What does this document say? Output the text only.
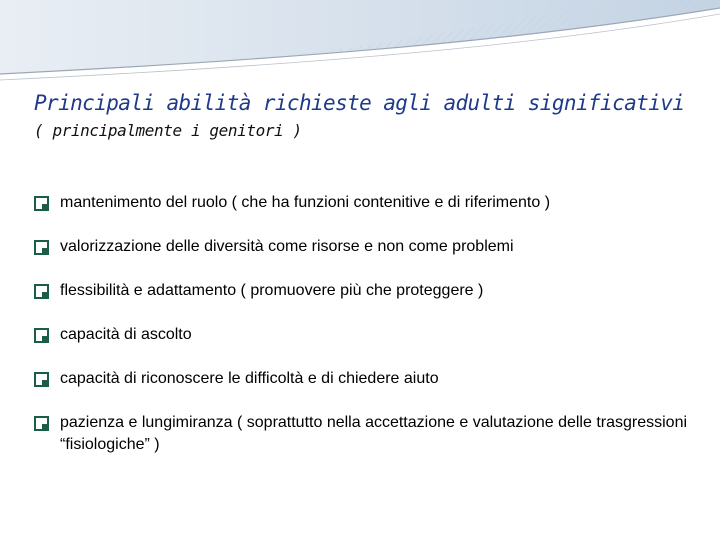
Principali abilità richieste agli adulti significativi
( principalmente i genitori )
mantenimento del ruolo ( che ha funzioni contenitive e di riferimento )
valorizzazione delle diversità come risorse e non come problemi
flessibilità e adattamento ( promuovere più che proteggere )
capacità di ascolto
capacità di riconoscere le difficoltà e di chiedere aiuto
pazienza e lungimiranza ( soprattutto nella accettazione e valutazione delle trasgressioni “fisiologiche” )
